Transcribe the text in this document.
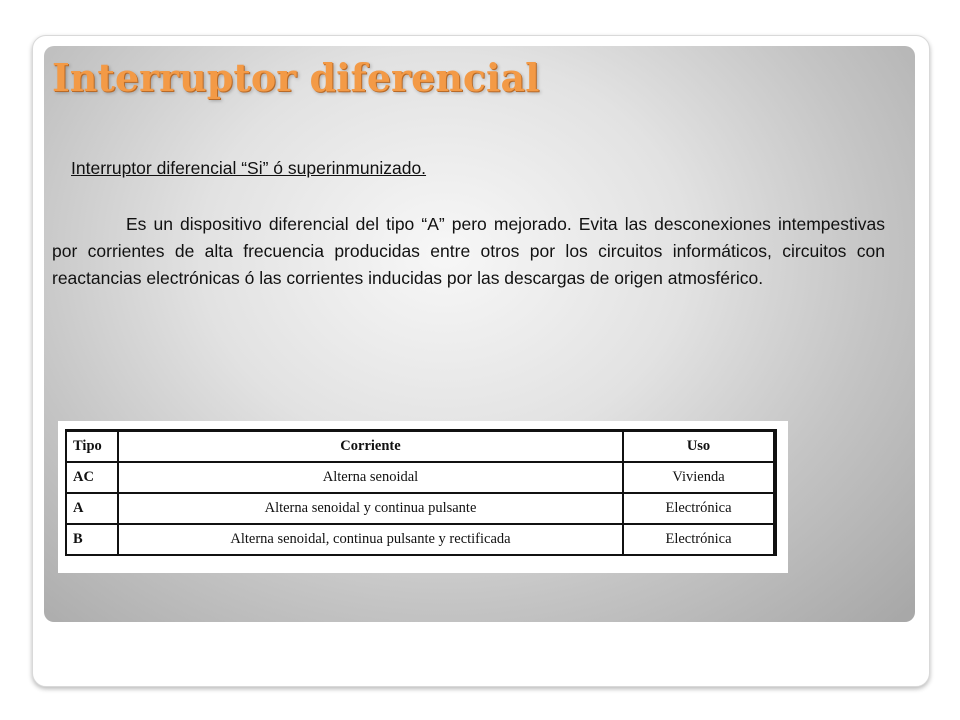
Interruptor diferencial
Interruptor diferencial “Si” ó superinmunizado.

Es un dispositivo diferencial del tipo “A” pero mejorado. Evita las desconexiones intempestivas por corrientes de alta frecuencia producidas entre otros por los circuitos informáticos, circuitos con reactancias electrónicas ó las corrientes inducidas por las descargas de origen atmosférico.

Tipo	Corriente	Uso
AC	Alterna senoidal	Vivienda
A	Alterna senoidal y continua pulsante	Electrónica
B	Alterna senoidal, continua pulsante y rectificada	Electrónica
